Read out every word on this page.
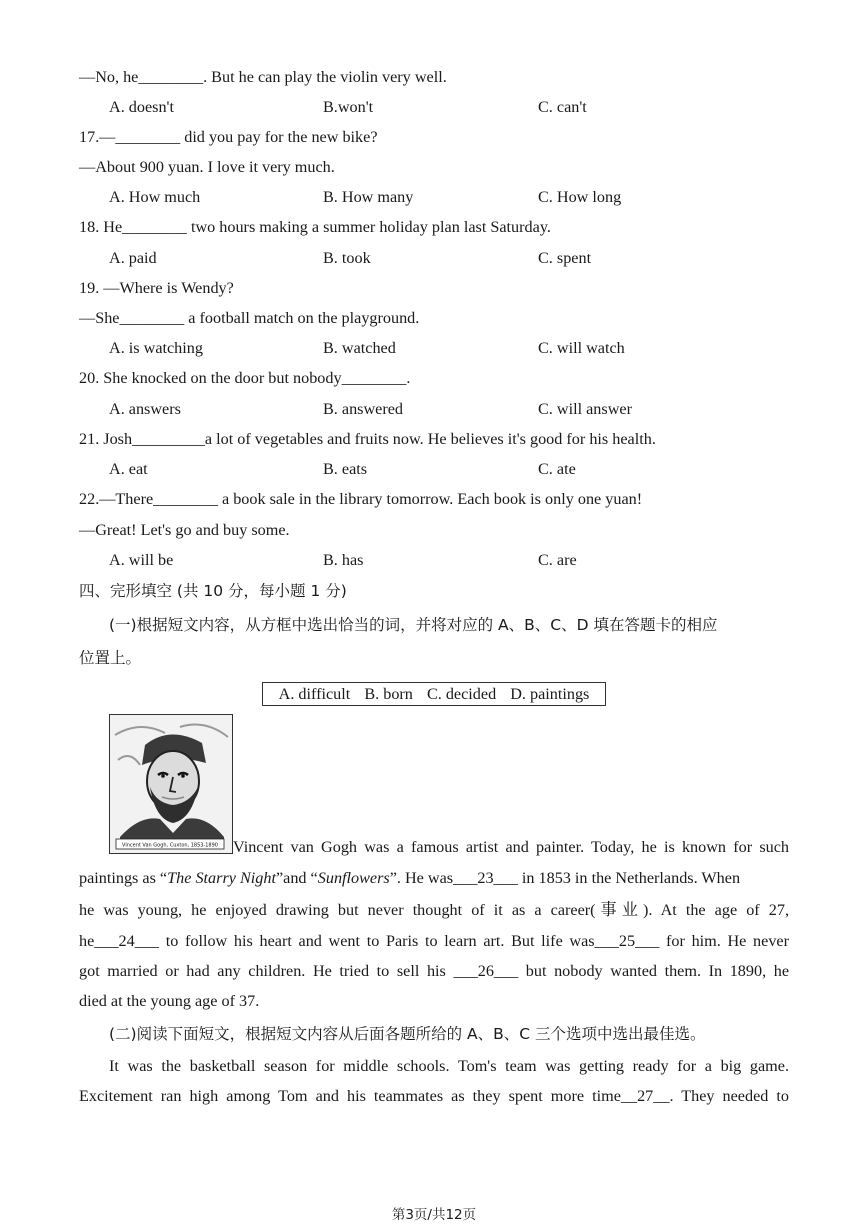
—No, he________. But he can play the violin very well.
A. doesn't	B.won't	C. can't
17.—________ did you pay for the new bike?
—About 900 yuan. I love it very much.
A. How much	B. How many	C. How long
18. He________ two hours making a summer holiday plan last Saturday.
A. paid	B. took	C. spent
19. —Where is Wendy?
—She________ a football match on the playground.
A. is watching	B. watched	C. will watch
20. She knocked on the door but nobody________.
A. answers	B. answered	C. will answer
21. Josh_________a lot of vegetables and fruits now. He believes it's good for his health.
A. eat	B. eats	C. ate
22.—There________ a book sale in the library tomorrow. Each book is only one yuan!
—Great! Let's go and buy some.
A. will be	B. has	C. are
四、完形填空 (共 10 分，每小题 1 分)
(一)根据短文内容，从方框中选出恰当的词，并将对应的 A、B、C、D 填在答题卡的相应
位置上。
A. difficult B. born C. decided D. paintings
Vincent Van Gogh, Cuxton, 1853-1890 Vincent van Gogh was a famous artist and painter. Today, he is known for such
paintings as “The Starry Night”and “Sunflowers”. He was___23___ in 1853 in the Netherlands. When
he was young, he enjoyed drawing but never thought of it as a career(事业). At the age of 27,
he___24___ to follow his heart and went to Paris to learn art. But life was___25___ for him. He never
got married or had any children. He tried to sell his ___26___ but nobody wanted them. In 1890, he
died at the young age of 37.
(二)阅读下面短文，根据短文内容从后面各题所给的 A、B、C 三个选项中选出最佳选。
It was the basketball season for middle schools. Tom's team was getting ready for a big game.
Excitement ran high among Tom and his teammates as they spent more time__27__. They needed to
第3页/共12页
